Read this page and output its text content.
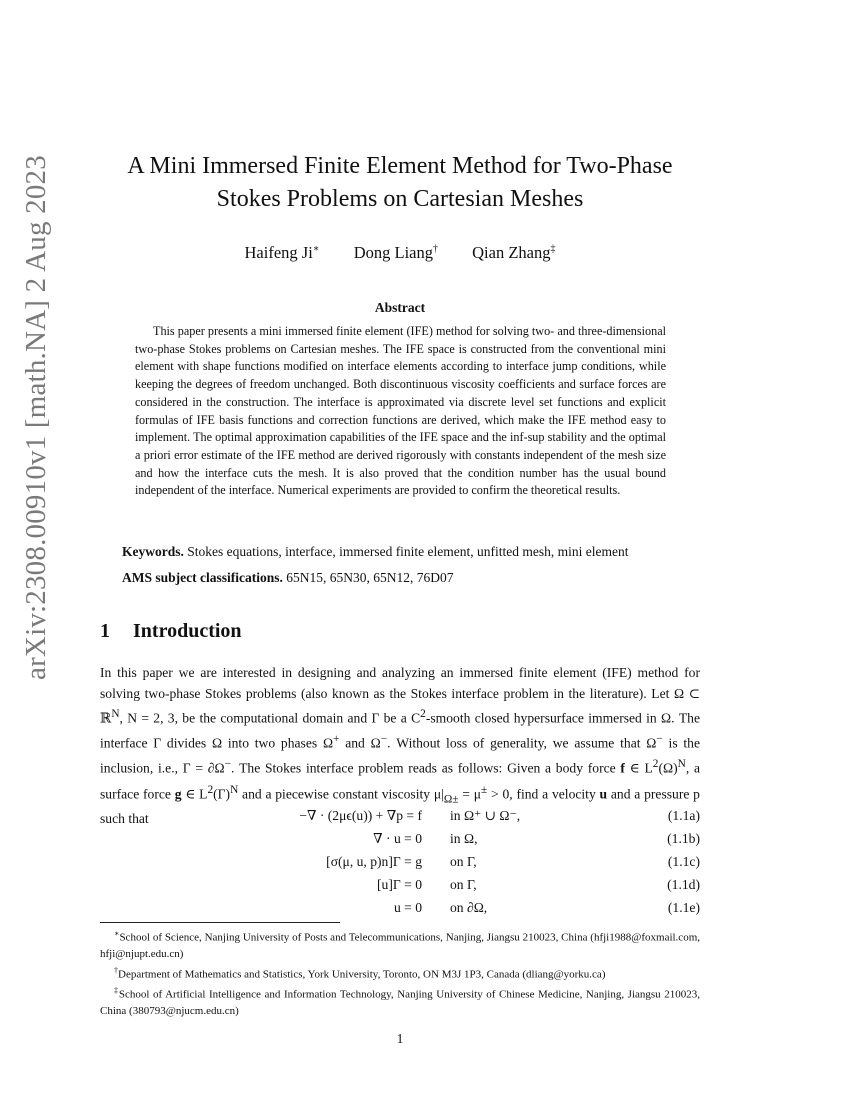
arXiv:2308.00910v1 [math.NA] 2 Aug 2023	A Mini Immersed Finite Element Method for Two-Phase
Stokes Problems on Cartesian Meshes
Haifeng Ji∗ Dong Liang† Qian Zhang‡
Abstract
This paper presents a mini immersed finite element (IFE) method for solving two- and three-dimensional two-phase Stokes problems on Cartesian meshes. The IFE space is constructed from the conventional mini element with shape functions modified on interface elements according to interface jump conditions, while keeping the degrees of freedom unchanged. Both discontinuous viscosity coefficients and surface forces are considered in the construction. The interface is approximated via discrete level set functions and explicit formulas of IFE basis functions and correction functions are derived, which make the IFE method easy to implement. The optimal approximation capabilities of the IFE space and the inf-sup stability and the optimal a priori error estimate of the IFE method are derived rigorously with constants independent of the mesh size and how the interface cuts the mesh. It is also proved that the condition number has the usual bound independent of the interface. Numerical experiments are provided to confirm the theoretical results.
Keywords. Stokes equations, interface, immersed finite element, unfitted mesh, mini element
AMS subject classifications. 65N15, 65N30, 65N12, 76D07
1 Introduction
In this paper we are interested in designing and analyzing an immersed finite element (IFE) method for solving two-phase Stokes problems (also known as the Stokes interface problem in the literature). Let Ω ⊂ ℝ$^N$, N = 2, 3, be the computational domain and Γ be a $C^2$-smooth closed hypersurface immersed in Ω. The interface Γ divides Ω into two phases Ω+ and Ω−. Without loss of generality, we assume that Ω− is the inclusion, i.e., Γ = ∂Ω−. The Stokes interface problem reads as follows: Given a body force f ∈ $L^2(\Omega)^N$, a surface force g ∈ $L^2(\Gamma)^N$ and a piecewise constant viscosity $\mu|_{\Omega\pm} = \mu^\pm > 0$, find a velocity u and a pressure p such that	−∇ · (2μϵ(u)) + ∇p = f in Ω⁺ ∪ Ω⁻,	(1.1a)
∇ · u = 0 in Ω,	(1.1b)
[σ(μ, u, p)n]Γ = g on Γ,	(1.1c)
[u]Γ = 0 on Γ,	(1.1d)
u = 0 on ∂Ω,	(1.1e)
∗School of Science, Nanjing University of Posts and Telecommunications, Nanjing, Jiangsu 210023, China (hfji1988@foxmail.com, hfji@njupt.edu.cn)
†Department of Mathematics and Statistics, York University, Toronto, ON M3J 1P3, Canada (dliang@yorku.ca)
‡School of Artificial Intelligence and Information Technology, Nanjing University of Chinese Medicine, Nanjing, Jiangsu 210023, China (380793@njucm.edu.cn)
1
